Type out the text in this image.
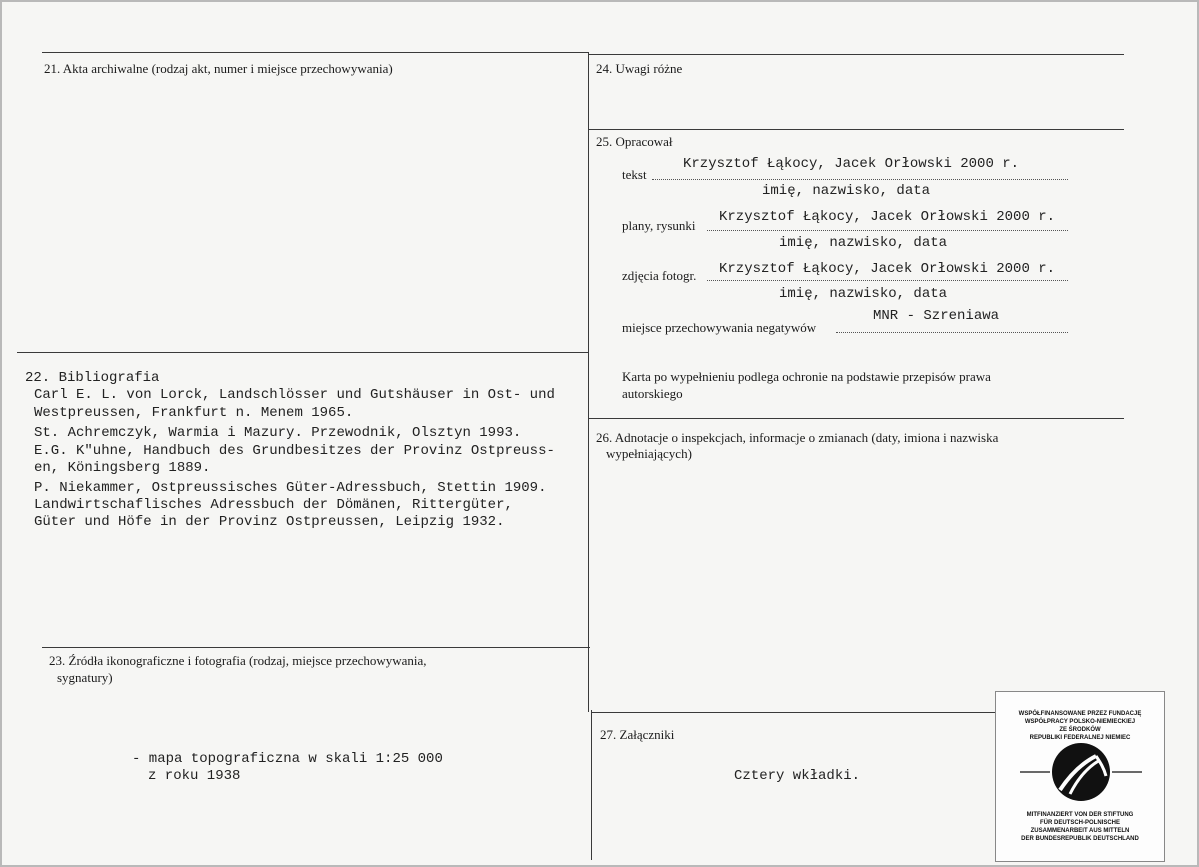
21. Akta archiwalne (rodzaj akt, numer i miejsce przechowywania)
22. Bibliografia
Carl E. L. von Lorck, Landschlösser und Gutshäuser in Ost- und
Westpreussen, Frankfurt n. Menem 1965.
St. Achremczyk, Warmia i Mazury. Przewodnik, Olsztyn 1993.
E.G. K"uhne, Handbuch des Grundbesitzes der Provinz Ostpreuss-
en, Köningsberg 1889.
P. Niekammer, Ostpreussisches Güter-Adressbuch, Stettin 1909.
Landwirtschaflisches Adressbuch der Dömänen, Rittergüter,
Güter und Höfe in der Provinz Ostpreussen, Leipzig 1932.
23. Źródła ikonograficzne i fotografia (rodzaj, miejsce przechowywania,
sygnatury)
- mapa topograficzna w skali 1:25 000
z roku 1938
24. Uwagi różne
25. Opracował
tekst
Krzysztof Łąkocy, Jacek Orłowski 2000 r.
imię, nazwisko, data
plany, rysunki
Krzysztof Łąkocy, Jacek Orłowski 2000 r.
imię, nazwisko, data
zdjęcia fotogr. Krzysztof Łąkocy, Jacek Orłowski 2000 r.
imię, nazwisko, data
miejsce przechowywania negatywów
MNR - Szreniawa
Karta po wypełnieniu podlega ochronie na podstawie przepisów prawa
autorskiego
26. Adnotacje o inspekcjach, informacje o zmianach (daty, imiona i nazwiska
wypełniających)
27. Załączniki
Cztery wkładki.
WSPÓŁFINANSOWANE PRZEZ FUNDACJĘ
WSPÓŁPRACY POLSKO-NIEMIECKIEJ
ZE ŚRODKÓW
REPUBLIKI FEDERALNEJ NIEMIEC
MITFINANZIERT VON DER STIFTUNG
FÜR DEUTSCH-POLNISCHE
ZUSAMMENARBEIT AUS MITTELN
DER BUNDESREPUBLIK DEUTSCHLAND
